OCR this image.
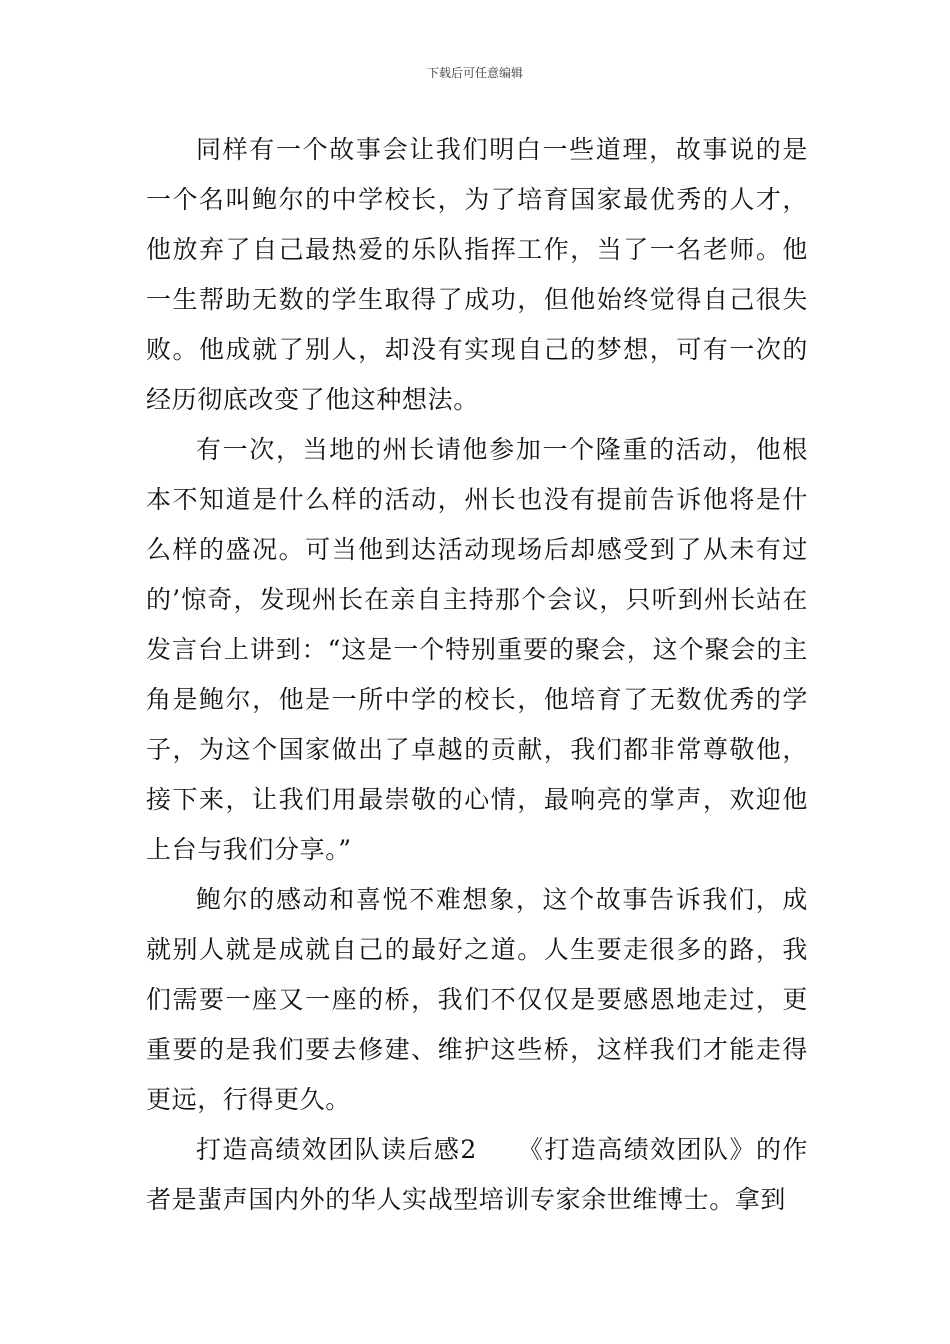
下载后可任意编辑

同样有一个故事会让我们明白一些道理，故事说的是一个名叫鲍尔的中学校长，为了培育国家最优秀的人才，他放弃了自己最热爱的乐队指挥工作，当了一名老师。他一生帮助无数的学生取得了成功，但他始终觉得自己很失败。他成就了别人，却没有实现自己的梦想，可有一次的经历彻底改变了他这种想法。

有一次，当地的州长请他参加一个隆重的活动，他根本不知道是什么样的活动，州长也没有提前告诉他将是什么样的盛况。可当他到达活动现场后却感受到了从未有过的’惊奇，发现州长在亲自主持那个会议，只听到州长站在发言台上讲到：“这是一个特别重要的聚会，这个聚会的主角是鲍尔，他是一所中学的校长，他培育了无数优秀的学子，为这个国家做出了卓越的贡献，我们都非常尊敬他，接下来，让我们用最崇敬的心情，最响亮的掌声，欢迎他上台与我们分享。”

鲍尔的感动和喜悦不难想象，这个故事告诉我们，成就别人就是成就自己的最好之道。人生要走很多的路，我们需要一座又一座的桥，我们不仅仅是要感恩地走过，更重要的是我们要去修建、维护这些桥，这样我们才能走得更远，行得更久。

打造高绩效团队读后感2　　《打造高绩效团队》的作者是蜚声国内外的华人实战型培训专家余世维博士。拿到
